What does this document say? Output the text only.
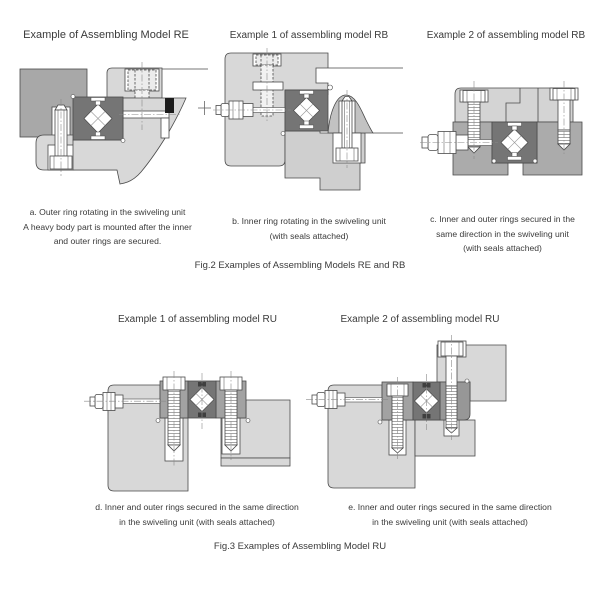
Example of Assembling Model RE	Example 1 of assembling model RB	Example 2 of assembling model RB
a. Outer ring rotating in the swiveling unit
A heavy body part is mounted after the inner
and outer rings are secured.
b. Inner ring rotating in the swiveling unit
(with seals attached)
c. Inner and outer rings secured in the
same direction in the swiveling unit
(with seals attached)
Fig.2 Examples of Assembling Models RE and RB
Example 1 of assembling model RU	Example 2 of assembling model RU
d. Inner and outer rings secured in the same direction
in the swiveling unit (with seals attached)
e. Inner and outer rings secured in the same direction
in the swiveling unit (with seals attached)
Fig.3 Examples of Assembling Model RU
